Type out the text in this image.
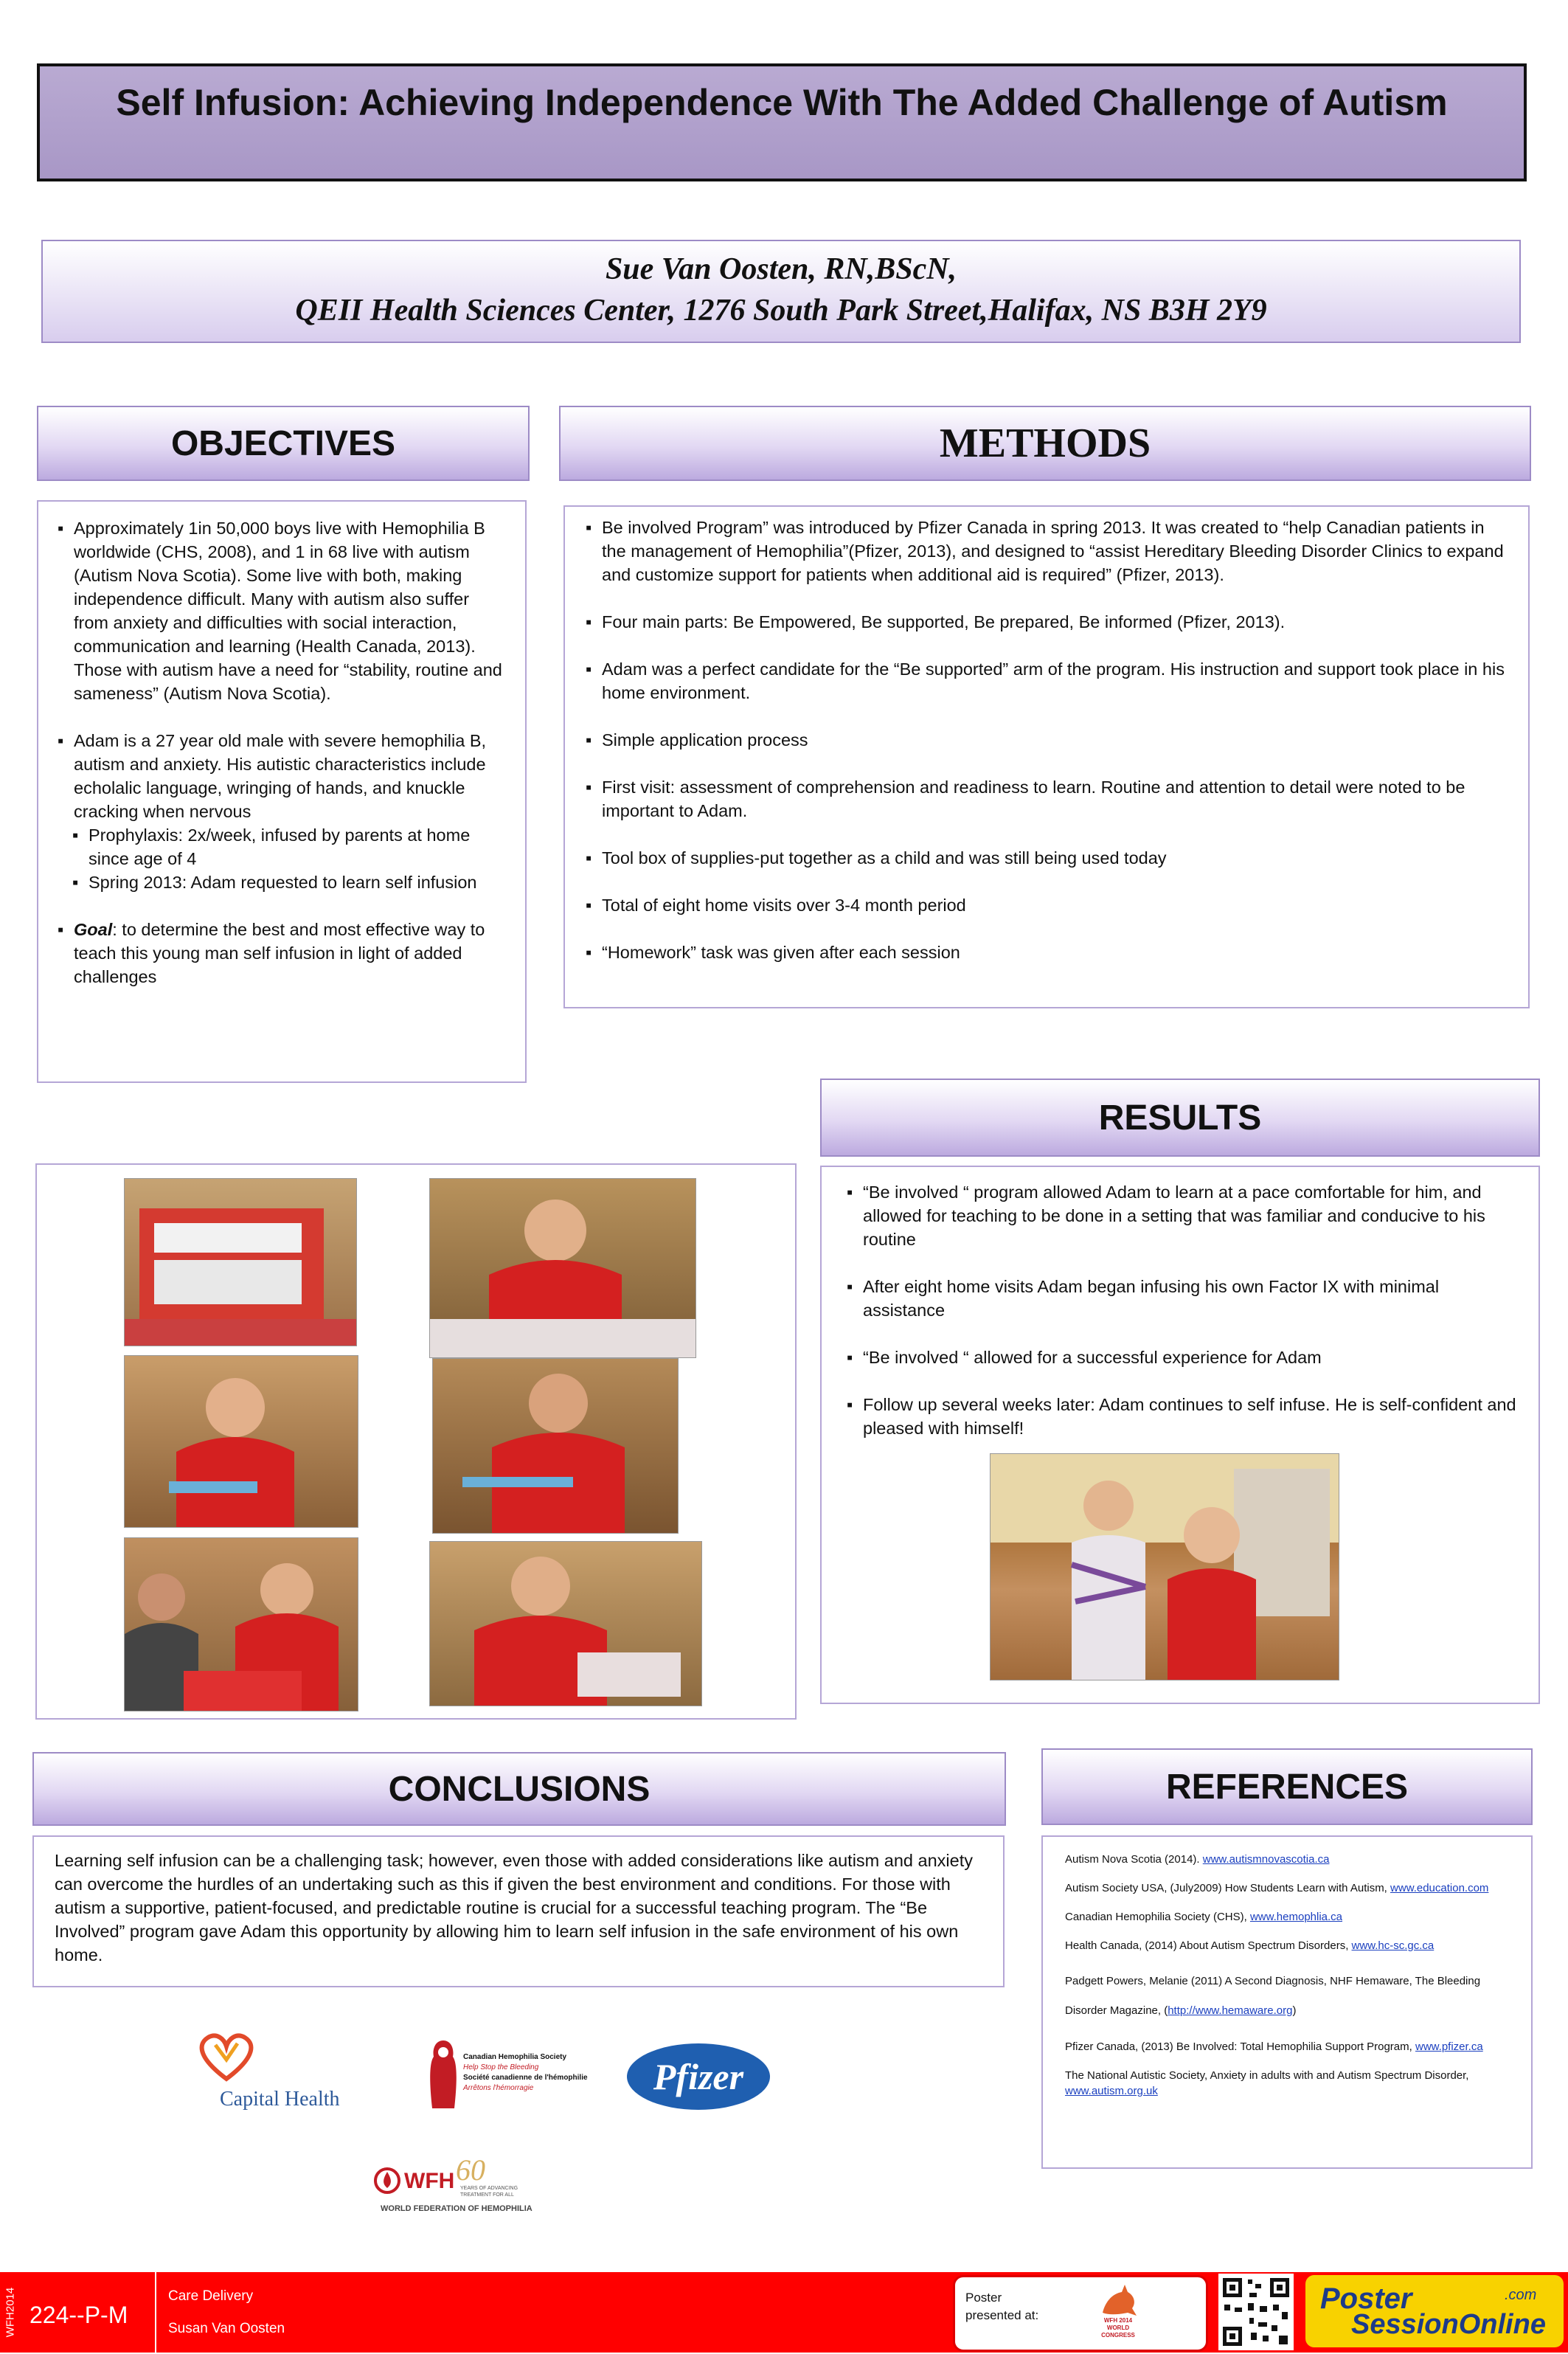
Self Infusion: Achieving Independence With The Added Challenge of Autism
Sue Van Oosten, RN,BScN,
QEII Health Sciences Center, 1276 South Park Street,Halifax, NS B3H 2Y9
OBJECTIVES
▪ Approximately 1in 50,000 boys live with Hemophilia B worldwide (CHS, 2008), and 1 in 68 live with autism (Autism Nova Scotia). Some live with both, making independence difficult. Many with autism also suffer from anxiety and difficulties with social interaction, communication and learning (Health Canada, 2013). Those with autism have a need for “stability, routine and sameness” (Autism Nova Scotia).
▪ Adam is a 27 year old male with severe hemophilia B, autism and anxiety. His autistic characteristics include echolalic language, wringing of hands, and knuckle cracking when nervous
▪ Prophylaxis: 2x/week, infused by parents at home since age of 4
▪ Spring 2013: Adam requested to learn self infusion
▪ Goal: to determine the best and most effective way to teach this young man self infusion in light of added challenges
METHODS
▪ Be involved Program” was introduced by Pfizer Canada in spring 2013. It was created to “help Canadian patients in the management of Hemophilia”(Pfizer, 2013), and designed to “assist Hereditary Bleeding Disorder Clinics to expand and customize support for patients when additional aid is required” (Pfizer, 2013).
▪ Four main parts: Be Empowered, Be supported, Be prepared, Be informed (Pfizer, 2013).
▪ Adam was a perfect candidate for the “Be supported” arm of the program. His instruction and support took place in his home environment.
▪ Simple application process
▪ First visit: assessment of comprehension and readiness to learn. Routine and attention to detail were noted to be important to Adam.
▪ Tool box of supplies-put together as a child and was still being used today
▪ Total of eight home visits over 3-4 month period
▪ “Homework” task was given after each session
RESULTS
▪ “Be involved “ program allowed Adam to learn at a pace comfortable for him, and allowed for teaching to be done in a setting that was familiar and conducive to his routine
▪ After eight home visits Adam began infusing his own Factor IX with minimal assistance
▪ “Be involved “ allowed for a successful experience for Adam
▪ Follow up several weeks later: Adam continues to self infuse. He is self-confident and pleased with himself!
CONCLUSIONS
Learning self infusion can be a challenging task; however, even those with added considerations like autism and anxiety can overcome the hurdles of an undertaking such as this if given the best environment and conditions. For those with autism a supportive, patient-focused, and predictable routine is crucial for a successful teaching program. The “Be Involved” program gave Adam this opportunity by allowing him to learn self infusion in the safe environment of his own home.
REFERENCES

Autism Nova Scotia (2014). www.autismnovascotia.ca

Autism Society USA, (July2009) How Students Learn with Autism, www.education.com

Canadian Hemophilia Society (CHS), www.hemophlia.ca

Health Canada, (2014) About Autism Spectrum Disorders, www.hc-sc.gc.ca

Padgett Powers, Melanie (2011) A Second Diagnosis, NHF Hemaware, The Bleeding Disorder Magazine, (http://www.hemaware.org)

Pfizer Canada, (2013) Be Involved: Total Hemophilia Support Program, www.pfizer.ca

The National Autistic Society, Anxiety in adults with and Autism Spectrum Disorder, www.autism.org.uk

Capital Health
Canadian Hemophilia Society
Help Stop the Bleeding
Société canadienne de l'hémophilie
Arrêtons l'hémorragie	Pfizer
WFH 60
YEARS OF ADVANCING
TREATMENT FOR ALL
WORLD FEDERATION OF HEMOPHILIA
WFH2014 224--P-M
Care Delivery
Susan Van Oosten
Poster
presented at:	WFH 2014
WORLD
CONGRESS
Poster
SessionOnline
.com
